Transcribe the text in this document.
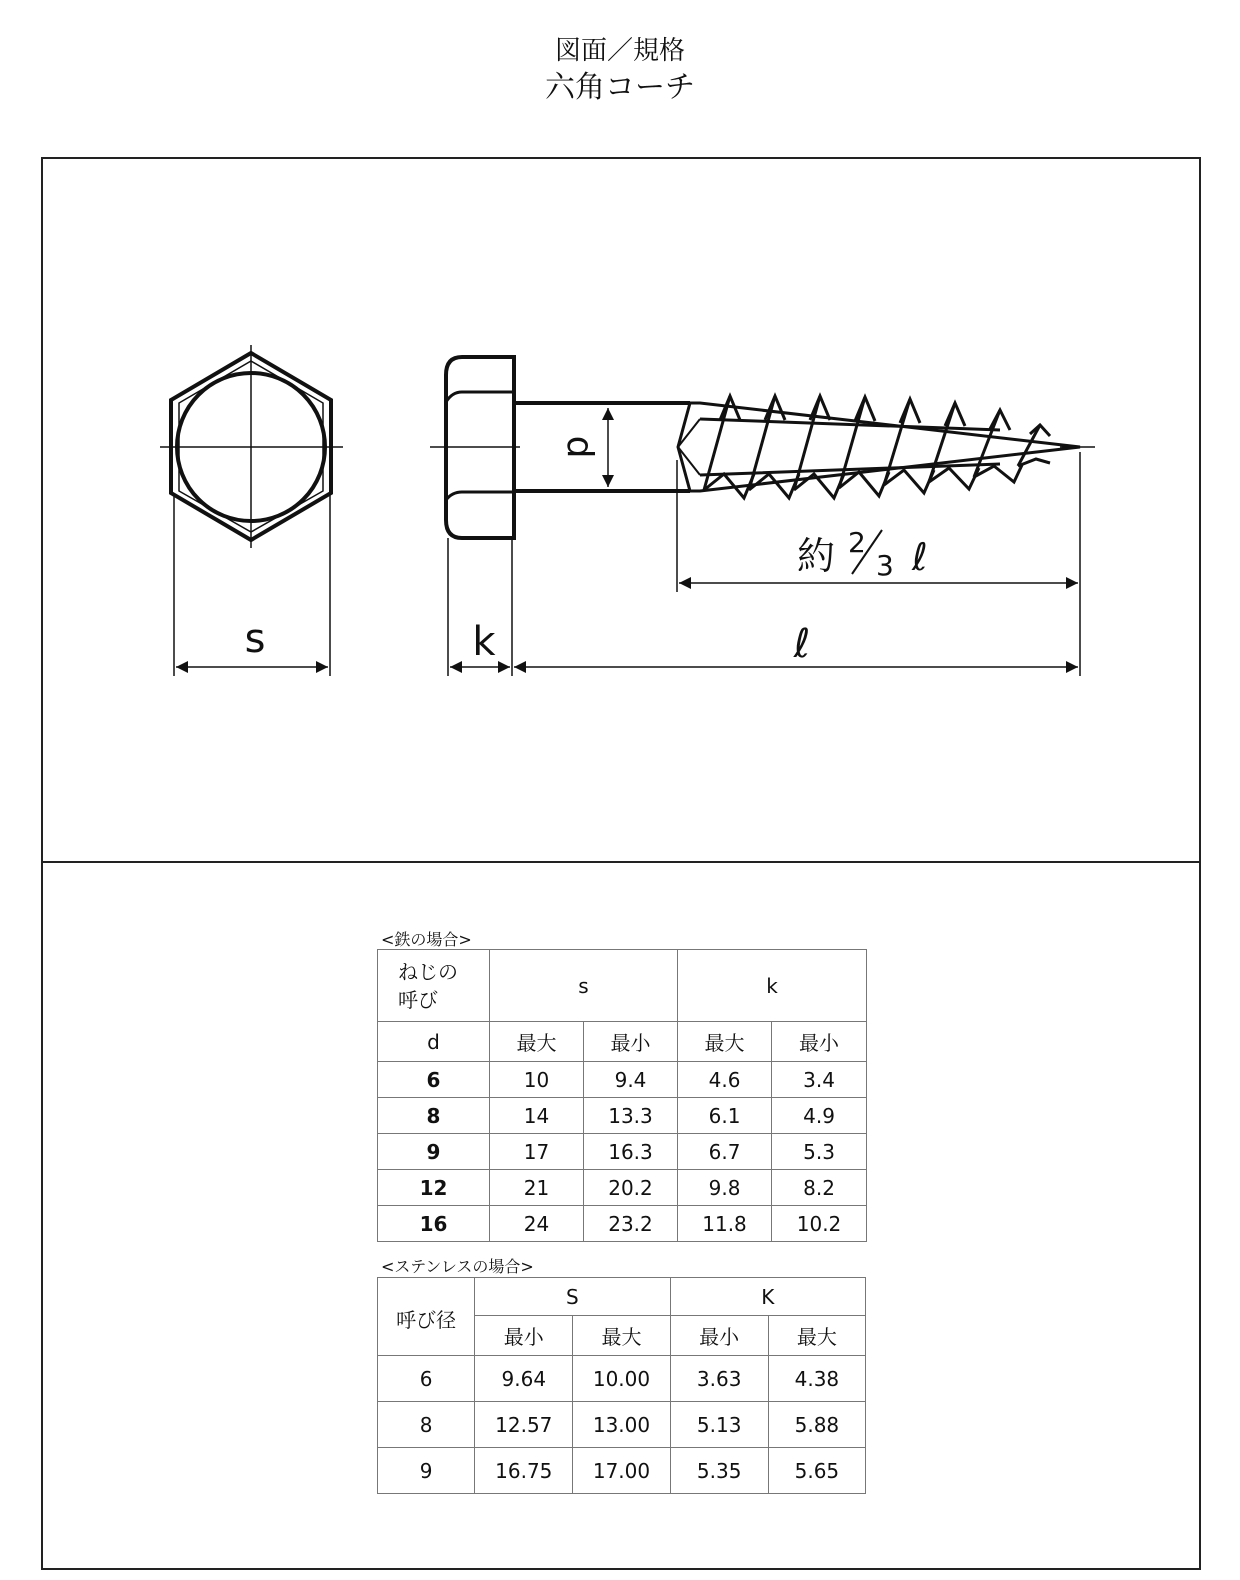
図面／規格
六角コーチ
s
d
k	ℓ
約 2
3 ℓ
<鉄の場合>
ねじの
呼び	s		k	
d	最大	最小	最大	最小
6	10	9.4	4.6	3.4
8	14	13.3	6.1	4.9
9	17	16.3	6.7	5.3
12	21	20.2	9.8	8.2
16	24	23.2	11.8	10.2
<ステンレスの場合>
呼び径	S		K	
	最小	最大	最小	最大
6	9.64	10.00	3.63	4.38
8	12.57	13.00	5.13	5.88
9	16.75	17.00	5.35	5.65
